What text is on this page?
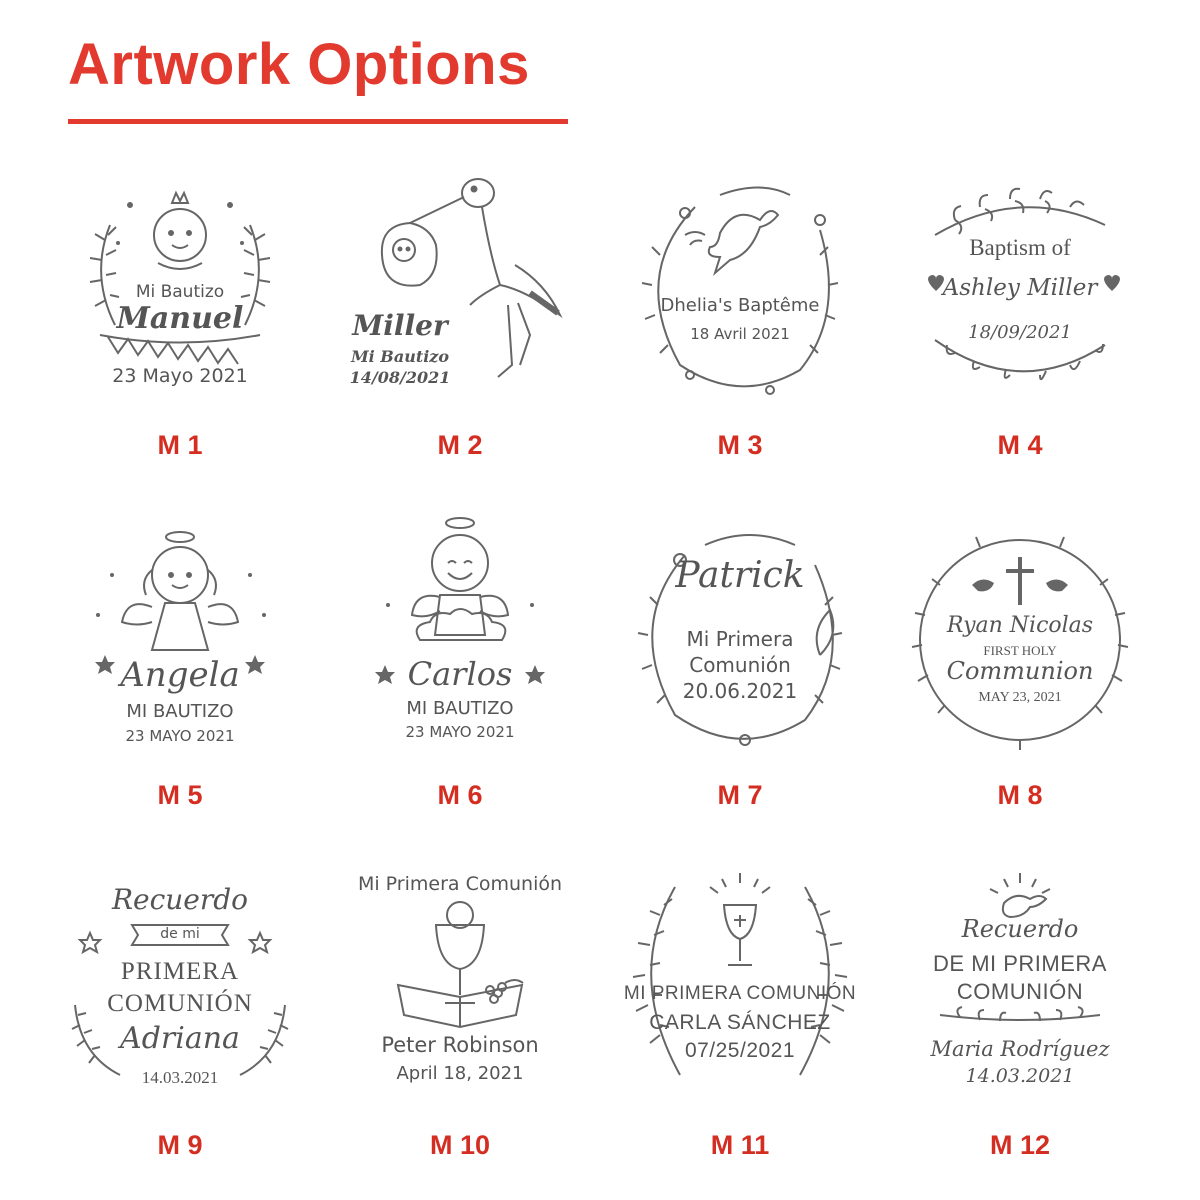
Artwork Options
Mi Bautizo
Manuel
23 Mayo 2021
M 1
Miller
Mi Bautizo
14/08/2021
M 2
Dhelia's Baptême
18 Avril 2021
M 3
Baptism of
Ashley Miller
18/09/2021
M 4
Angela
MI BAUTIZO
23 MAYO 2021
M 5
Carlos
MI BAUTIZO
23 MAYO 2021
M 6
Patrick
Mi Primera
Comunión
20.06.2021
M 7
Ryan Nicolas
FIRST HOLY
Communion
MAY 23, 2021
M 8
Recuerdo
de mi
PRIMERA
COMUNIÓN
Adriana
14.03.2021
M 9
Mi Primera Comunión
Peter Robinson
April 18, 2021
M 10
MI PRIMERA COMUNIÓN
CARLA SÁNCHEZ
07/25/2021
M 11
Recuerdo
DE MI PRIMERA
COMUNIÓN
Maria Rodríguez
14.03.2021
M 12
